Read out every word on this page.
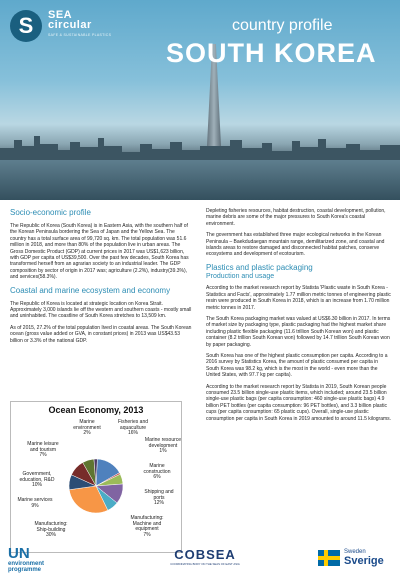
S	SEA
circular
SAFE & SUSTAINABLE PLASTICS
country profile
SOUTH KOREA
Socio-economic profile

The Republic of Korea (South Korea) is in Eastern Asia, with the southern half of the Korean Peninsula bordering the Sea of Japan and the Yellow Sea. The country has a total surface area of 99,720 sq. km. The total population was 51.6 million in 2018, and more than 80% of the population live in urban areas. The Gross Domestic Product (GDP) at current prices in 2017 was US$1,623 billion, with GDP per capita of US$39,500. Over the past few decades, South Korea has transformed herself from an agrarian society to an industrial leader. The GDP composition by sector of origin in 2017 was; agriculture (2.2%), industry(39.3%), and services(58.3%).

Coastal and marine ecosystem and economy

The Republic of Korea is located at strategic location on Korea Strait. Approximately 3,000 islands lie off the western and southern coasts - mostly small and uninhabited. The coastline of South Korea stretches to 13,509 km.

As of 2015, 27.2% of the total population lived in coastal areas. The South Korean ocean (gross value added or GVA, in constant prices) in 2013 was US$43.53 billion or 3.3% of the national GDP.

Ocean Economy, 2013
Fisheries and
aquaculture
16%
Marine resource
development
1%
Marine
construction
6%
Shipping and
ports
12%
Manufacturing:
Machine and
equipment
7%
Manufacturing:
Ship-building
30%
Marine services
9%
Government,
education, R&D
10%
Marine leisure
and tourism
7%
Marine
environment
2%

Depleting fisheries resources, habitat destruction, coastal development, pollution, marine debris are some of the major pressures to South Korea's coastal environment.

The government has established three major ecological networks in the Korean Peninsula – Baekdudaegan mountain range, demilitarized zone, and coastal and islands areas to restore damaged and disconnected habitat patches, conserve ecosystems and development of ecotourism.

Plastics and plastic packaging
Production and usage

According to the market research report by Statista 'Plastic waste in South Korea - Statistics and Facts', approximately 1.77 million metric tonnes of engineering plastic resin were produced in South Korea in 2018, which is an increase from 1.70 million metric tonnes in 2017.

The South Korea packaging market was valued at US$6.30 billion in 2017. In terms of market size by packaging type, plastic packaging had the highest market share including plastic flexible packaging (11.6 trillion South Korean won) and plastic container (8.2 trillion South Korean won) followed by 14.7 trillion South Korean won by paper packaging.

South Korea has one of the highest plastic consumption per capita. According to a 2016 survey by Statistics Korea, the amount of plastic consumed per capita in South Korea was 98.2 kg, which is the most in the world - even more than the United States, with 97.7 kg per capita).

According to the market research report by Statista in 2019, South Korean people consumed 23.5 billion single-use plastic items, which included; around 23.5 billion single-use plastic bags (per capita consumption: 460 single-use plastic bags) 4.9 billion PET bottles (per capita consumption: 96 PET bottles), and 3.3 billion plastic cups (per capita consumption: 65 plastic cups). Overall, single-use plastic consumption per capita in South Korea in 2019 amounted to around 11.5 kilograms.

UN
environment
programme
COBSEA
COORDINATING BODY ON THE SEAS OF EAST ASIA
Sweden
Sverige
